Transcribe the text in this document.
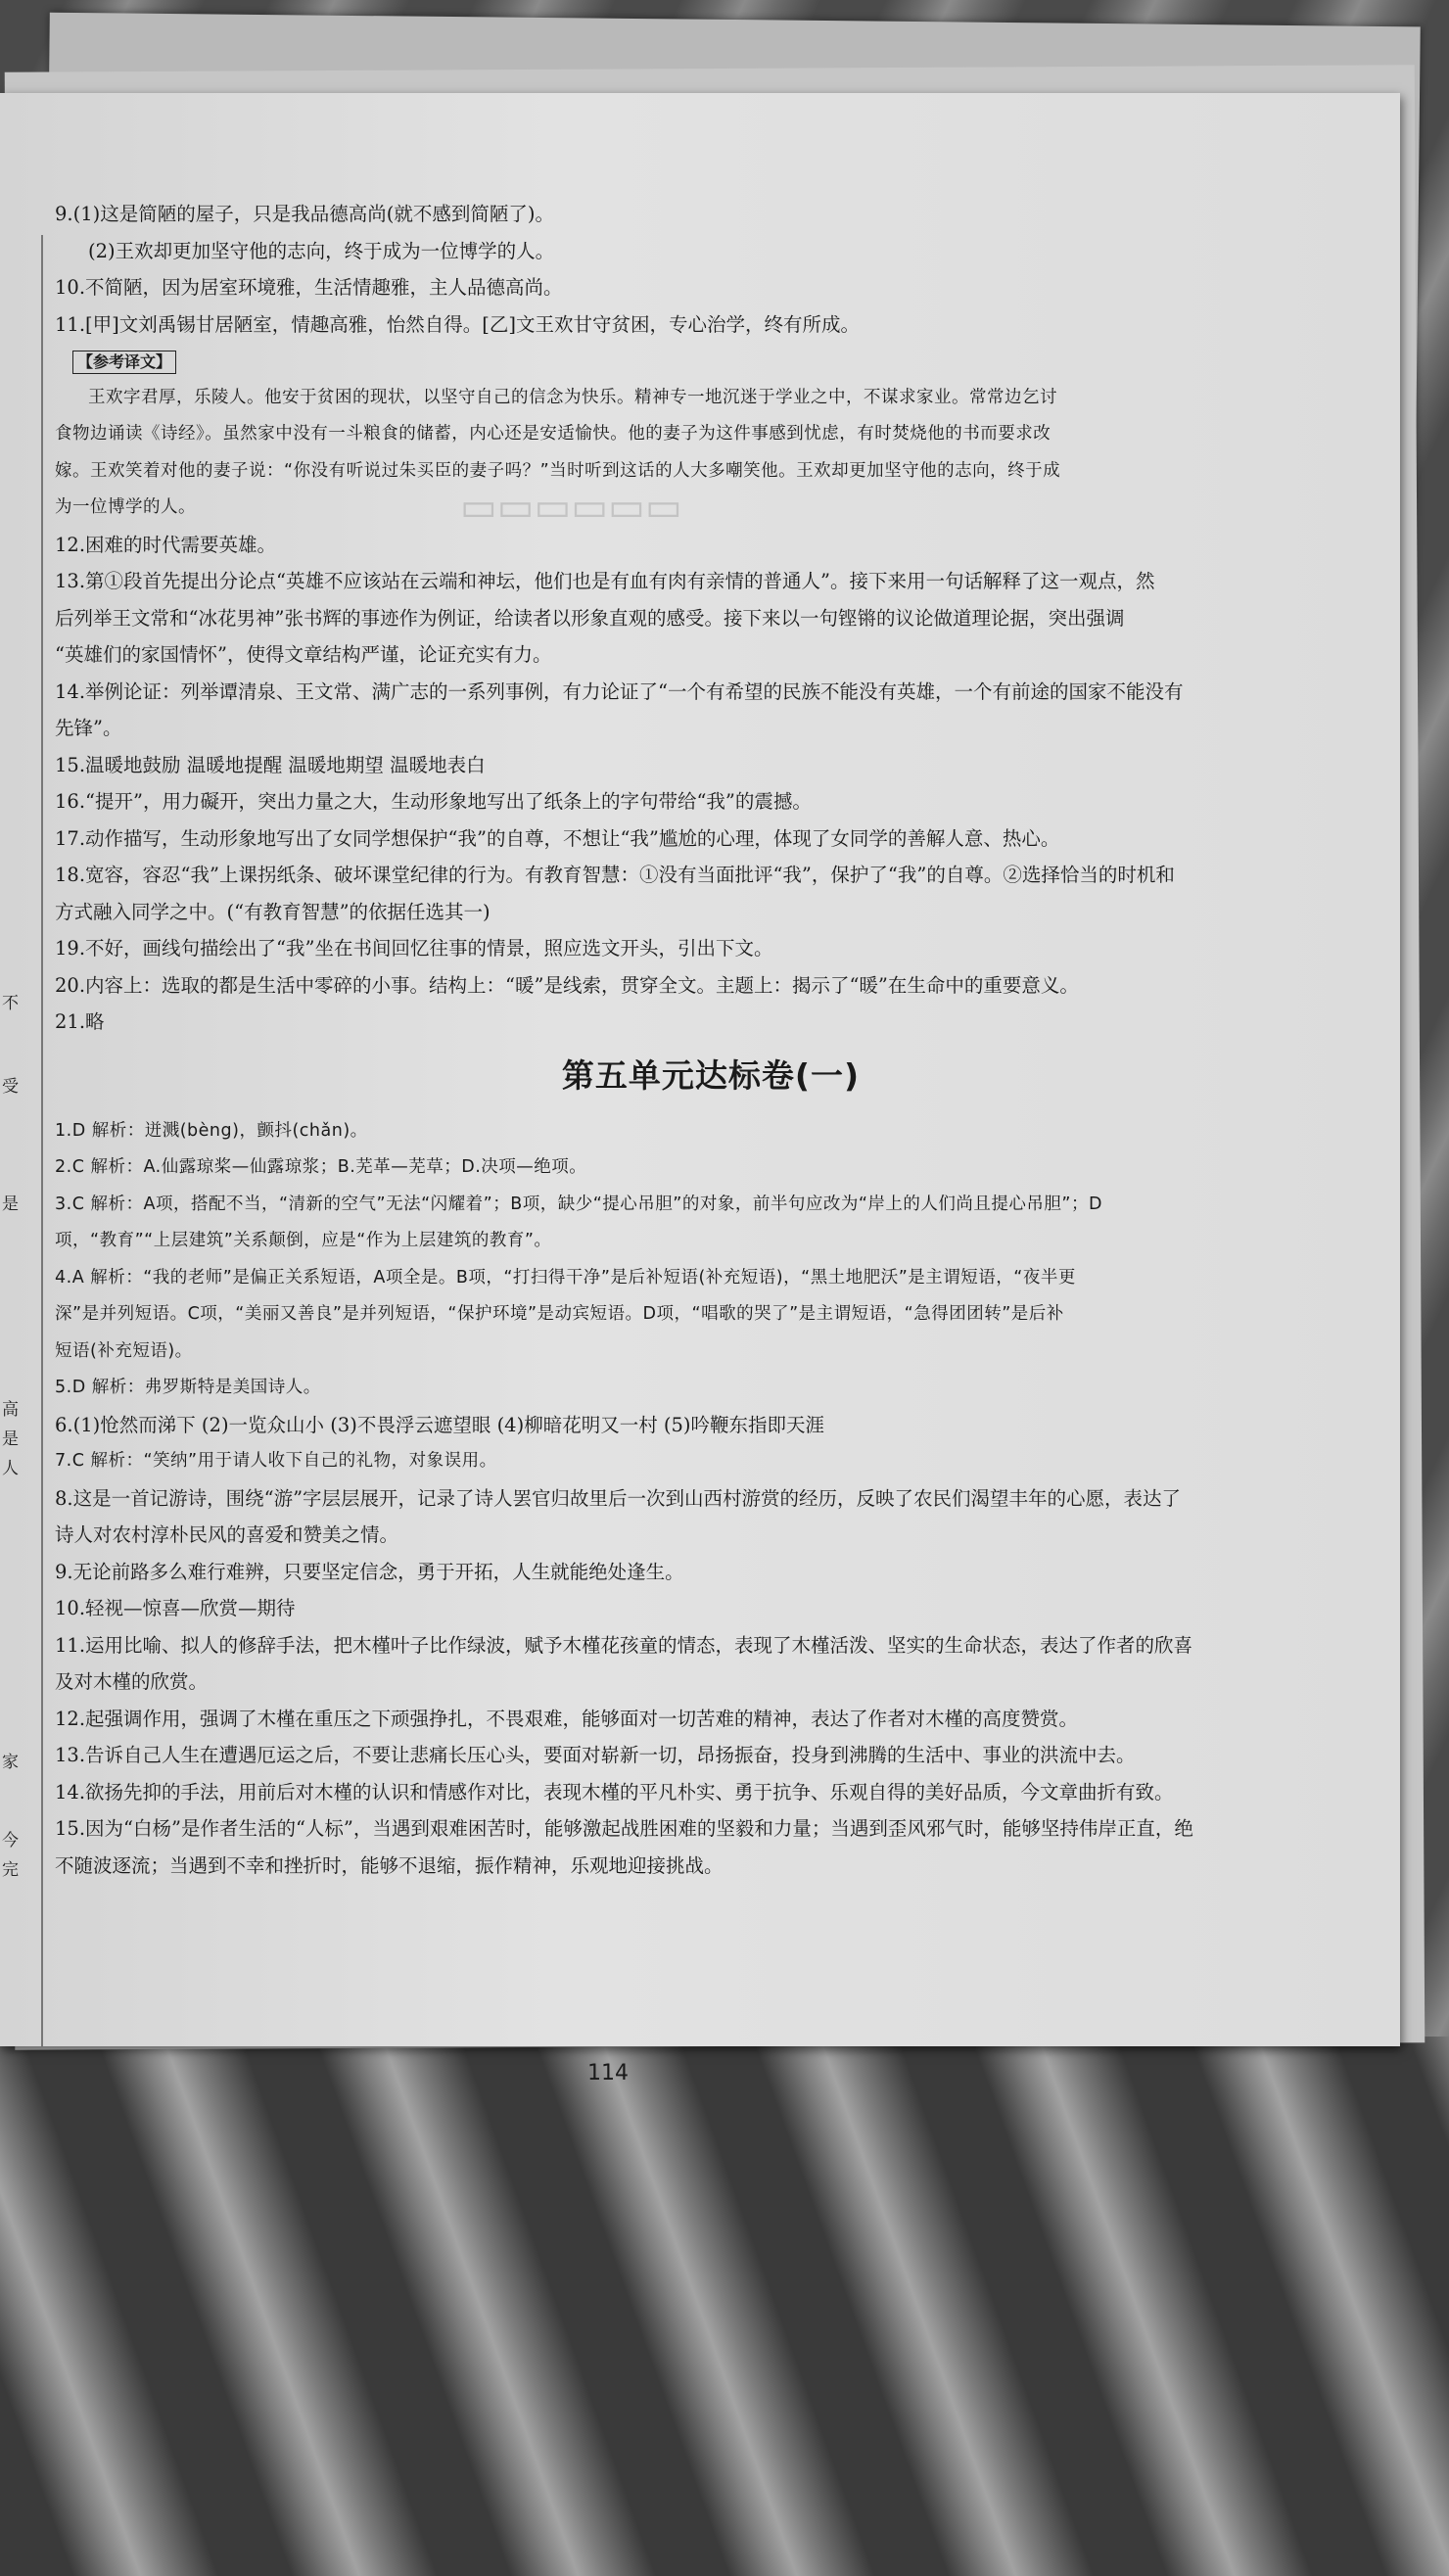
不
受
是
高
是
人
家
今
完
▭▭▭▭▭▭

9.(1)这是简陋的屋子，只是我品德高尚(就不感到简陋了)。

(2)王欢却更加坚守他的志向，终于成为一位博学的人。

10.不简陋，因为居室环境雅，生活情趣雅，主人品德高尚。

11.[甲]文刘禹锡甘居陋室，情趣高雅，怡然自得。[乙]文王欢甘守贫困，专心治学，终有所成。

【参考译文】

王欢字君厚，乐陵人。他安于贫困的现状，以坚守自己的信念为快乐。精神专一地沉迷于学业之中，不谋求家业。常常边乞讨

食物边诵读《诗经》。虽然家中没有一斗粮食的储蓄，内心还是安适愉快。他的妻子为这件事感到忧虑，有时焚烧他的书而要求改

嫁。王欢笑着对他的妻子说：“你没有听说过朱买臣的妻子吗？”当时听到这话的人大多嘲笑他。王欢却更加坚守他的志向，终于成

为一位博学的人。

12.困难的时代需要英雄。

13.第①段首先提出分论点“英雄不应该站在云端和神坛，他们也是有血有肉有亲情的普通人”。接下来用一句话解释了这一观点，然

后列举王文常和“冰花男神”张书辉的事迹作为例证，给读者以形象直观的感受。接下来以一句铿锵的议论做道理论据，突出强调

“英雄们的家国情怀”，使得文章结构严谨，论证充实有力。

14.举例论证：列举谭清泉、王文常、满广志的一系列事例，有力论证了“一个有希望的民族不能没有英雄，一个有前途的国家不能没有

先锋”。

15.温暖地鼓励 温暖地提醒 温暖地期望 温暖地表白

16.“提开”，用力礙开，突出力量之大，生动形象地写出了纸条上的字句带给“我”的震撼。

17.动作描写，生动形象地写出了女同学想保护“我”的自尊，不想让“我”尴尬的心理，体现了女同学的善解人意、热心。

18.宽容，容忍“我”上课拐纸条、破坏课堂纪律的行为。有教育智慧：①没有当面批评“我”，保护了“我”的自尊。②选择恰当的时机和

方式融入同学之中。(“有教育智慧”的依据任选其一)

19.不好，画线句描绘出了“我”坐在书间回忆往事的情景，照应选文开头，引出下文。

20.内容上：选取的都是生活中零碎的小事。结构上：“暖”是线索，贯穿全文。主题上：揭示了“暖”在生命中的重要意义。

21.略

第五单元达标卷(一)

1.D 解析：迸溅(bèng)，颤抖(chǎn)。

2.C 解析：A.仙露琼桨—仙露琼浆；B.芜革—芜草；D.决项—绝项。

3.C 解析：A项，搭配不当，“清新的空气”无法“闪耀着”；B项，缺少“提心吊胆”的对象，前半句应改为“岸上的人们尚且提心吊胆”；D

项，“教育”“上层建筑”关系颠倒，应是“作为上层建筑的教育”。

4.A 解析：“我的老师”是偏正关系短语，A项全是。B项，“打扫得干净”是后补短语(补充短语)，“黑土地肥沃”是主谓短语，“夜半更

深”是并列短语。C项，“美丽又善良”是并列短语，“保护环境”是动宾短语。D项，“唱歌的哭了”是主谓短语，“急得团团转”是后补

短语(补充短语)。

5.D 解析：弗罗斯特是美国诗人。

6.(1)怆然而涕下 (2)一览众山小 (3)不畏浮云遮望眼 (4)柳暗花明又一村 (5)吟鞭东指即天涯

7.C 解析：“笑纳”用于请人收下自己的礼物，对象误用。

8.这是一首记游诗，围绕“游”字层层展开，记录了诗人罢官归故里后一次到山西村游赏的经历，反映了农民们渴望丰年的心愿，表达了

诗人对农村淳朴民风的喜爱和赞美之情。

9.无论前路多么难行难辨，只要坚定信念，勇于开拓，人生就能绝处逢生。

10.轻视—惊喜—欣赏—期待

11.运用比喻、拟人的修辞手法，把木槿叶子比作绿波，赋予木槿花孩童的情态，表现了木槿活泼、坚实的生命状态，表达了作者的欣喜

及对木槿的欣赏。

12.起强调作用，强调了木槿在重压之下顽强挣扎，不畏艰难，能够面对一切苦难的精神，表达了作者对木槿的高度赞赏。

13.告诉自己人生在遭遇厄运之后，不要让悲痛长压心头，要面对崭新一切，昂扬振奋，投身到沸腾的生活中、事业的洪流中去。

14.欲扬先抑的手法，用前后对木槿的认识和情感作对比，表现木槿的平凡朴实、勇于抗争、乐观自得的美好品质，今文章曲折有致。

15.因为“白杨”是作者生活的“人标”，当遇到艰难困苦时，能够激起战胜困难的坚毅和力量；当遇到歪风邪气时，能够坚持伟岸正直，绝

不随波逐流；当遇到不幸和挫折时，能够不退缩，振作精神，乐观地迎接挑战。

114
